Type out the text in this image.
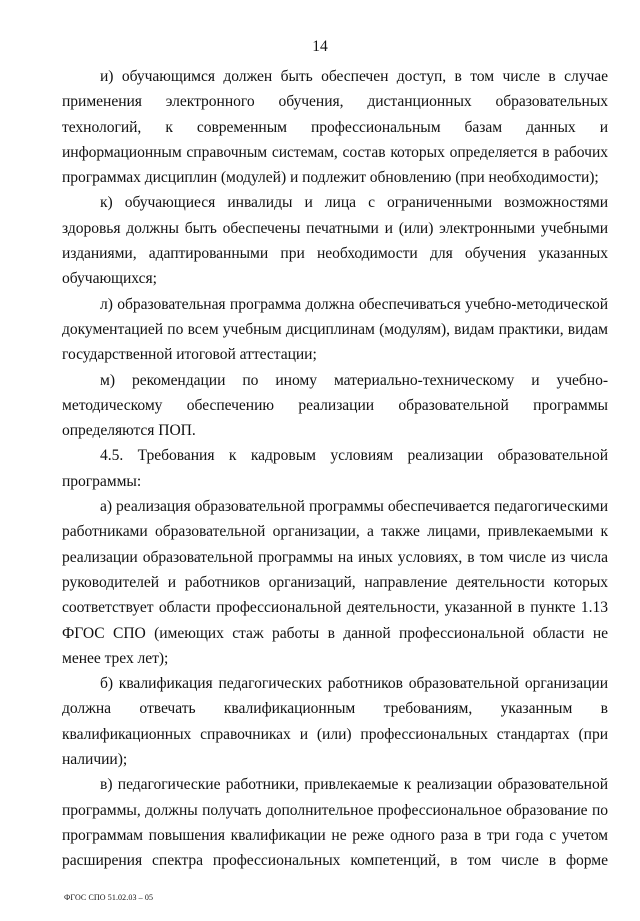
14

и) обучающимся должен быть обеспечен доступ, в том числе в случае применения электронного обучения, дистанционных образовательных технологий, к современным профессиональным базам данных и информационным справочным системам, состав которых определяется в рабочих программах дисциплин (модулей) и подлежит обновлению (при необходимости);

к) обучающиеся инвалиды и лица с ограниченными возможностями здоровья должны быть обеспечены печатными и (или) электронными учебными изданиями, адаптированными при необходимости для обучения указанных обучающихся;

л) образовательная программа должна обеспечиваться учебно-методической документацией по всем учебным дисциплинам (модулям), видам практики, видам государственной итоговой аттестации;

м) рекомендации по иному материально-техническому и учебно-методическому обеспечению реализации образовательной программы определяются ПОП.

4.5. Требования к кадровым условиям реализации образовательной программы:

а) реализация образовательной программы обеспечивается педагогическими работниками образовательной организации, а также лицами, привлекаемыми к реализации образовательной программы на иных условиях, в том числе из числа руководителей и работников организаций, направление деятельности которых соответствует области профессиональной деятельности, указанной в пункте 1.13 ФГОС СПО (имеющих стаж работы в данной профессиональной области не менее трех лет);

б) квалификация педагогических работников образовательной организации должна отвечать квалификационным требованиям, указанным в квалификационных справочниках и (или) профессиональных стандартах (при наличии);

в) педагогические работники, привлекаемые к реализации образовательной программы, должны получать дополнительное профессиональное образование по программам повышения квалификации не реже одного раза в три года с учетом расширения спектра профессиональных компетенций, в том числе в форме

ФГОС СПО 51.02.03 – 05
